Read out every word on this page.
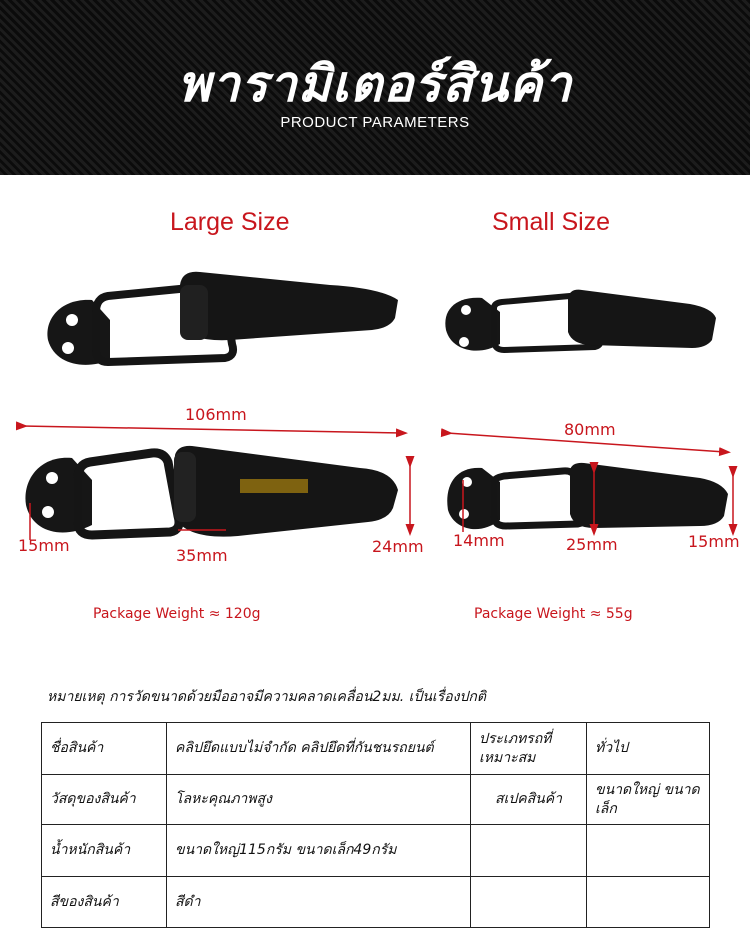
พารามิเตอร์สินค้า
PRODUCT PARAMETERS
Large Size	Small Size
106mm
15mm
35mm	24mm
80mm
14mm	25mm	15mm
Package Weight ≈ 120g	Package Weight ≈ 55g
หมายเหตุ การวัดขนาดด้วยมืออาจมีความคลาดเคลื่อน2มม. เป็นเรื่องปกติ
ชื่อสินค้า	คลิปยึดแบบไม่จำกัด คลิปยึดที่กันชนรถยนต์	ประเภทรถที่เหมาะสม	ทั่วไป
วัสดุของสินค้า	โลหะคุณภาพสูง	สเปคสินค้า	ขนาดใหญ่ ขนาดเล็ก
น้ำหนักสินค้า	ขนาดใหญ่115กรัม ขนาดเล็ก49กรัม		
สีของสินค้า	สีดำ		
